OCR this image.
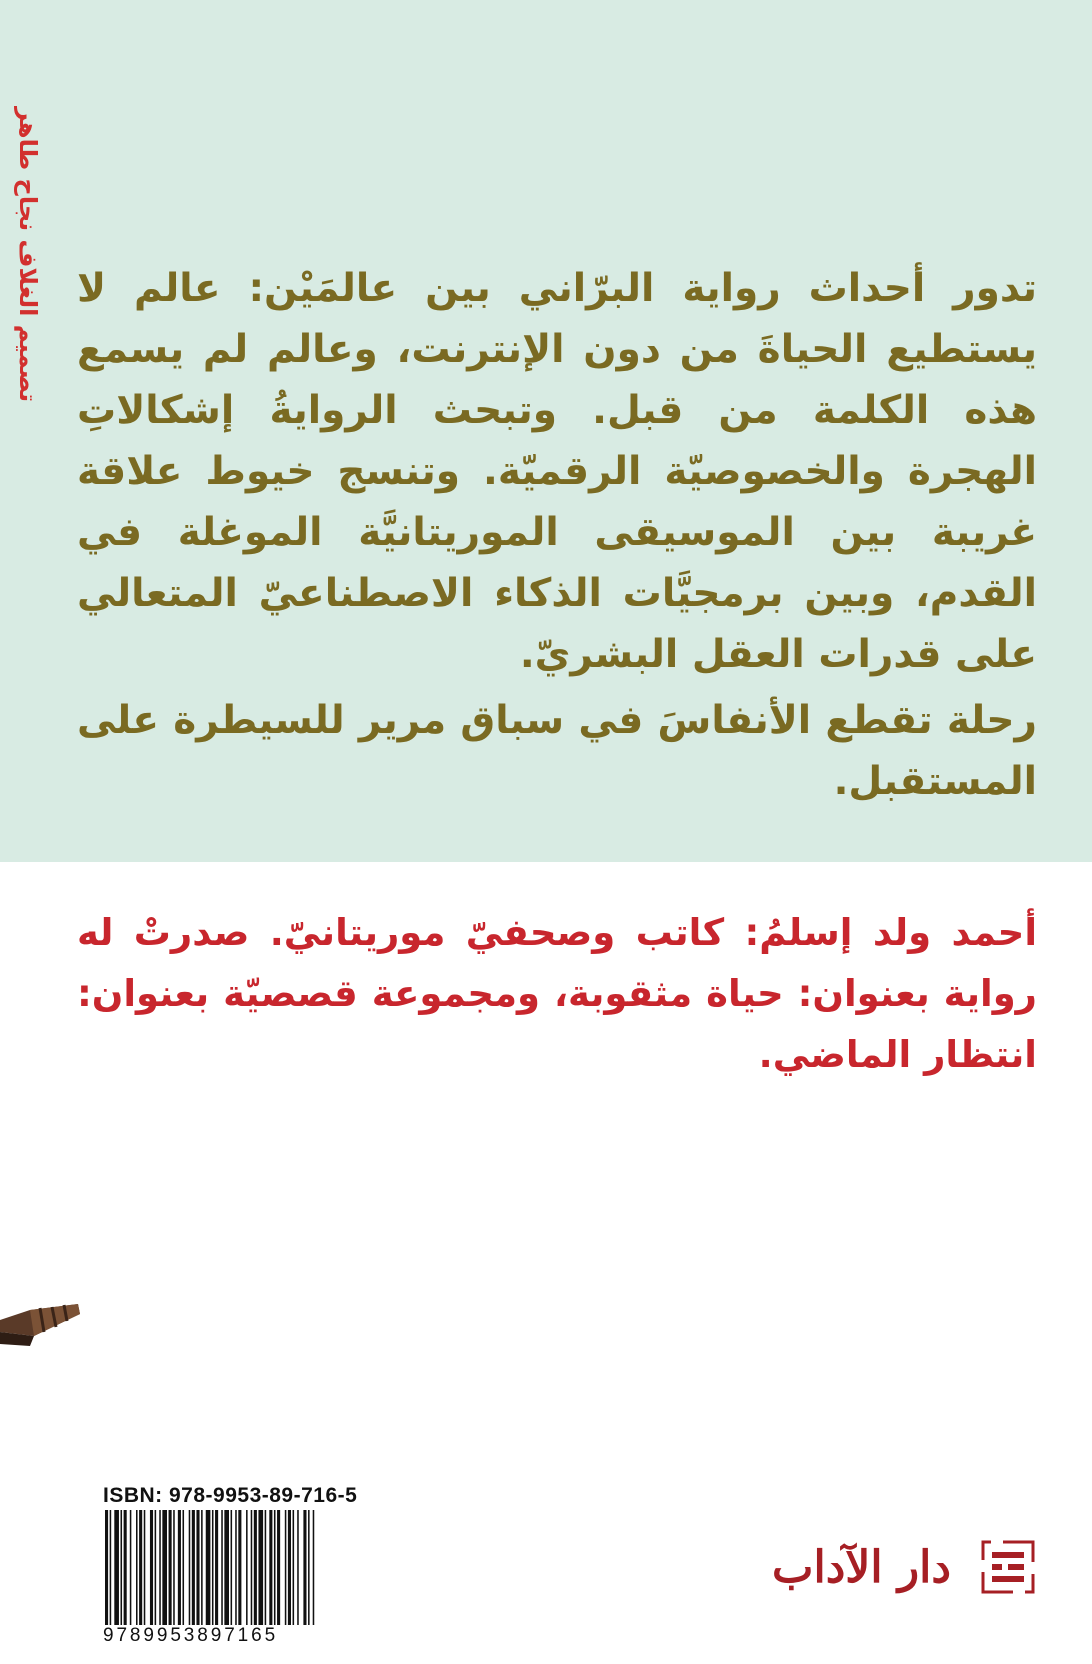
تصميم الغلاف نجاح طاهر تدور أحداث رواية البرّاني بين عالمَيْن: عالم لا يستطيع الحياةَ من دون الإنترنت، وعالم لم يسمع هذه الكلمة من قبل. وتبحث الروايةُ إشكالاتِ الهجرة والخصوصيّة الرقميّة. وتنسج خيوط علاقة غريبة بين الموسيقى الموريتانيَّة الموغلة في القدم، وبين برمجيَّات الذكاء الاصطناعيّ المتعالي على قدرات العقل البشريّ.

رحلة تقطع الأنفاسَ في سباق مرير للسيطرة على المستقبل.

أحمد ولد إسلمُ: كاتب وصحفيّ موريتانيّ. صدرتْ له رواية بعنوان: حياة مثقوبة، ومجموعة قصصيّة بعنوان: انتظار الماضي.

ISBN: 978-9953-89-716-5
9789953897165
دار الآداب
